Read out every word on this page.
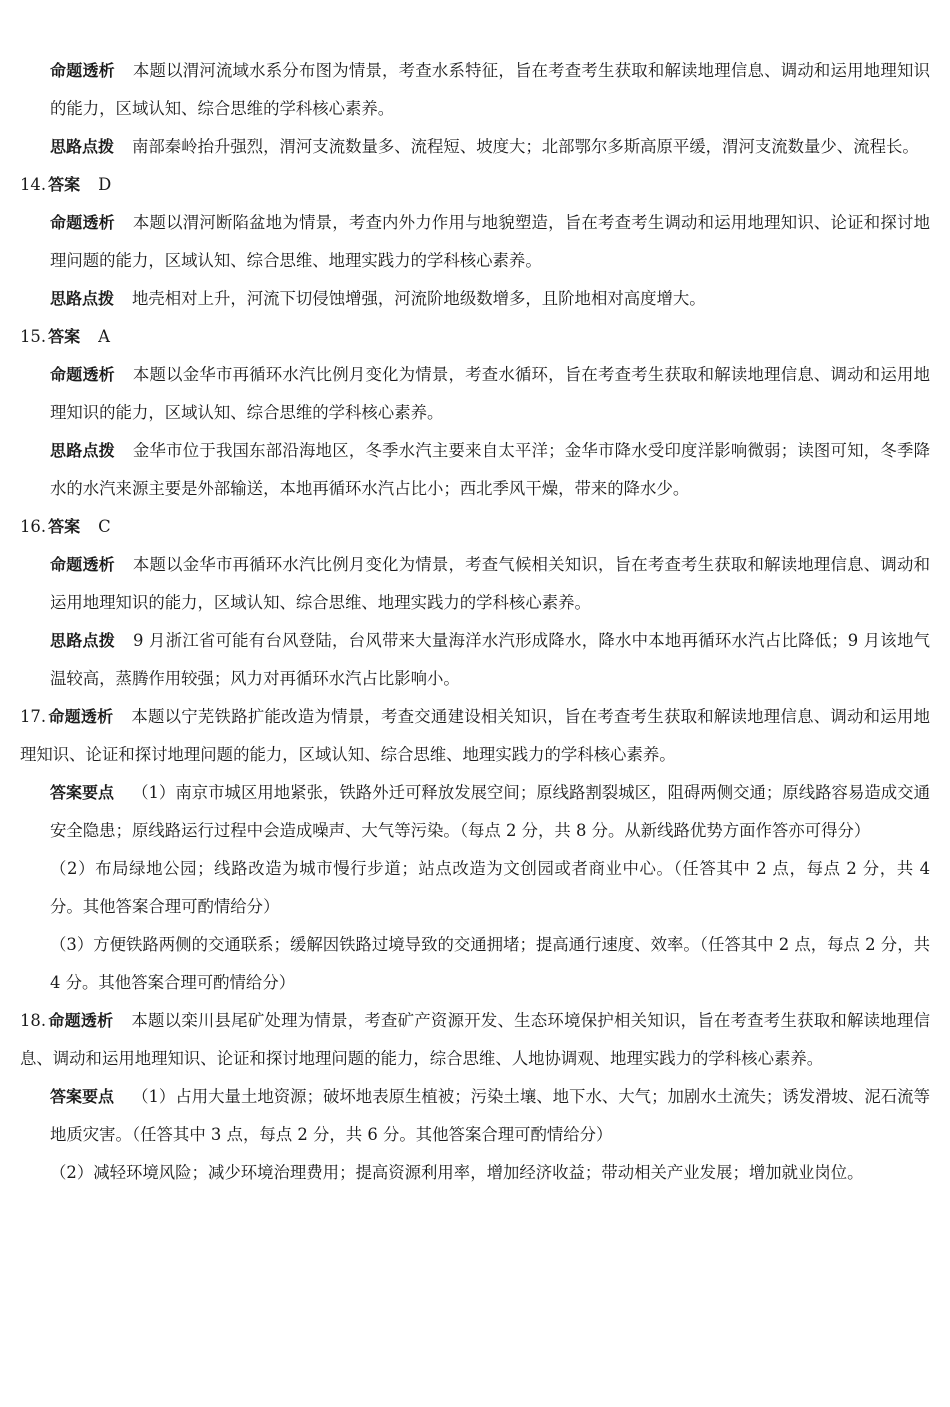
命题透析 本题以渭河流域水系分布图为情景，考查水系特征，旨在考查考生获取和解读地理信息、调动和运用地理知识的能力，区域认知、综合思维的学科核心素养。

思路点拨 南部秦岭抬升强烈，渭河支流数量多、流程短、坡度大；北部鄂尔多斯高原平缓，渭河支流数量少、流程长。

14. 答案 D

命题透析 本题以渭河断陷盆地为情景，考查内外力作用与地貌塑造，旨在考查考生调动和运用地理知识、论证和探讨地理问题的能力，区域认知、综合思维、地理实践力的学科核心素养。

思路点拨 地壳相对上升，河流下切侵蚀增强，河流阶地级数增多，且阶地相对高度增大。

15. 答案 A

命题透析 本题以金华市再循环水汽比例月变化为情景，考查水循环，旨在考查考生获取和解读地理信息、调动和运用地理知识的能力，区域认知、综合思维的学科核心素养。

思路点拨 金华市位于我国东部沿海地区，冬季水汽主要来自太平洋；金华市降水受印度洋影响微弱；读图可知，冬季降水的水汽来源主要是外部输送，本地再循环水汽占比小；西北季风干燥，带来的降水少。

16. 答案 C

命题透析 本题以金华市再循环水汽比例月变化为情景，考查气候相关知识，旨在考查考生获取和解读地理信息、调动和运用地理知识的能力，区域认知、综合思维、地理实践力的学科核心素养。

思路点拨 9 月浙江省可能有台风登陆，台风带来大量海洋水汽形成降水，降水中本地再循环水汽占比降低；9 月该地气温较高，蒸腾作用较强；风力对再循环水汽占比影响小。

17. 命题透析 本题以宁芜铁路扩能改造为情景，考查交通建设相关知识，旨在考查考生获取和解读地理信息、调动和运用地理知识、论证和探讨地理问题的能力，区域认知、综合思维、地理实践力的学科核心素养。

答案要点 （1）南京市城区用地紧张，铁路外迁可释放发展空间；原线路割裂城区，阻碍两侧交通；原线路容易造成交通安全隐患；原线路运行过程中会造成噪声、大气等污染。（每点 2 分，共 8 分。从新线路优势方面作答亦可得分）

（2）布局绿地公园；线路改造为城市慢行步道；站点改造为文创园或者商业中心。（任答其中 2 点，每点 2 分，共 4 分。其他答案合理可酌情给分）

（3）方便铁路两侧的交通联系；缓解因铁路过境导致的交通拥堵；提高通行速度、效率。（任答其中 2 点，每点 2 分，共 4 分。其他答案合理可酌情给分）

18. 命题透析 本题以栾川县尾矿处理为情景，考查矿产资源开发、生态环境保护相关知识，旨在考查考生获取和解读地理信息、调动和运用地理知识、论证和探讨地理问题的能力，综合思维、人地协调观、地理实践力的学科核心素养。

答案要点 （1）占用大量土地资源；破坏地表原生植被；污染土壤、地下水、大气；加剧水土流失；诱发滑坡、泥石流等地质灾害。（任答其中 3 点，每点 2 分，共 6 分。其他答案合理可酌情给分）

（2）减轻环境风险；减少环境治理费用；提高资源利用率，增加经济收益；带动相关产业发展；增加就业岗位。
